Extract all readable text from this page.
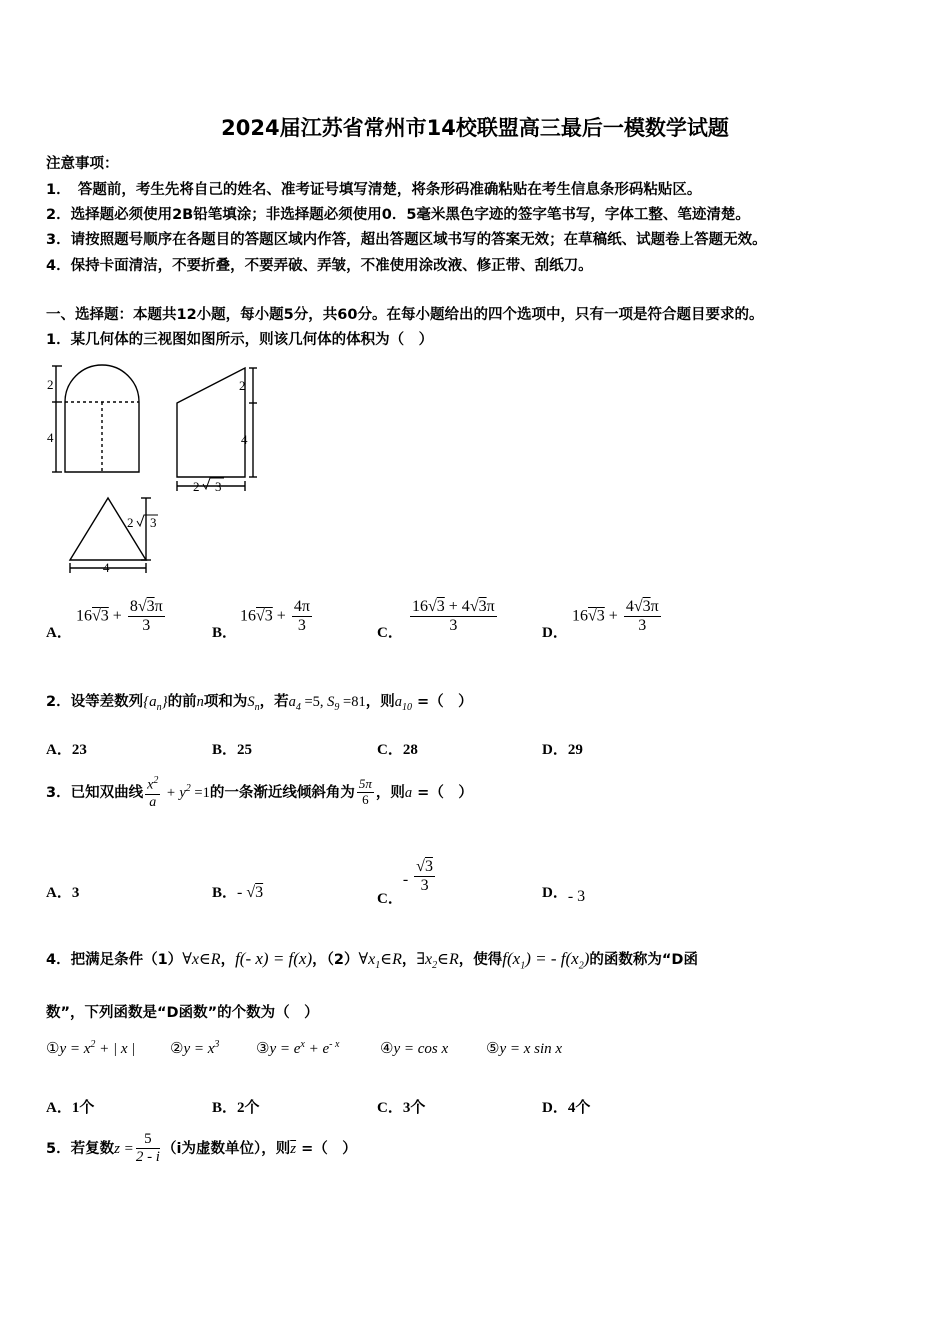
2024届江苏省常州市14校联盟高三最后一模数学试题
注意事项：
1．　答题前，考生先将自己的姓名、准考证号填写清楚，将条形码准确粘贴在考生信息条形码粘贴区。
2．选择题必须使用2B铅笔填涂；非选择题必须使用0．5毫米黑色字迹的签字笔书写，字体工整、笔迹清楚。
3．请按照题号顺序在各题目的答题区域内作答，超出答题区域书写的答案无效；在草稿纸、试题卷上答题无效。
4．保持卡面清洁，不要折叠，不要弄破、弄皱，不准使用涂改液、修正带、刮纸刀。
一、选择题：本题共12小题，每小题5分，共60分。在每小题给出的四个选项中，只有一项是符合题目要求的。
1．某几何体的三视图如图所示，则该几何体的体积为（　）
2
4
2
4
2 3
4
2 3
A．
$16√3 + \frac{8√3\pi}{3}$	B．
$16√3 + \frac{4\pi}{3}$	C． $\frac{16√3 + 4√3\pi}{3}$	D．
$16√3 + \frac{4√3\pi}{3}$
2．设等差数列$\{a_n\}$的前n项和为$S_n$，若$a_4 =5$, $S_9 =81$，则$a_{10}$ =（　）
A．23	B．25	C．28	D．29
3．已知双曲线 $\frac{x^2}{a} + y^2 =1$的一条渐近线倾斜角为 $\frac{5\pi}{6}$ ，则a =（　）
A．3	B．- √3	C．- $\frac{√3}{3}$	D．- 3
4．把满足条件（1）∀x∈R，f(- x) = f(x)，$(2)\forall x_1\in R$，$\exists x_2\in R$，使得$f(x_1)$ = - $f(x_2)$的函数称为“D函
数”，下列函数是“D函数”的个数为（　）
①y = $x^2$ + | x | ②y = $x^3$ ③y = $e^x + e^{- x}$	④y = cos x	⑤y = x sin x
A．1个	B．2个	C．3个	D．4个
5．若复数$z = \frac{5}{2 - i} (i$为虚数单位），则$\overline{z}$ =（　）
